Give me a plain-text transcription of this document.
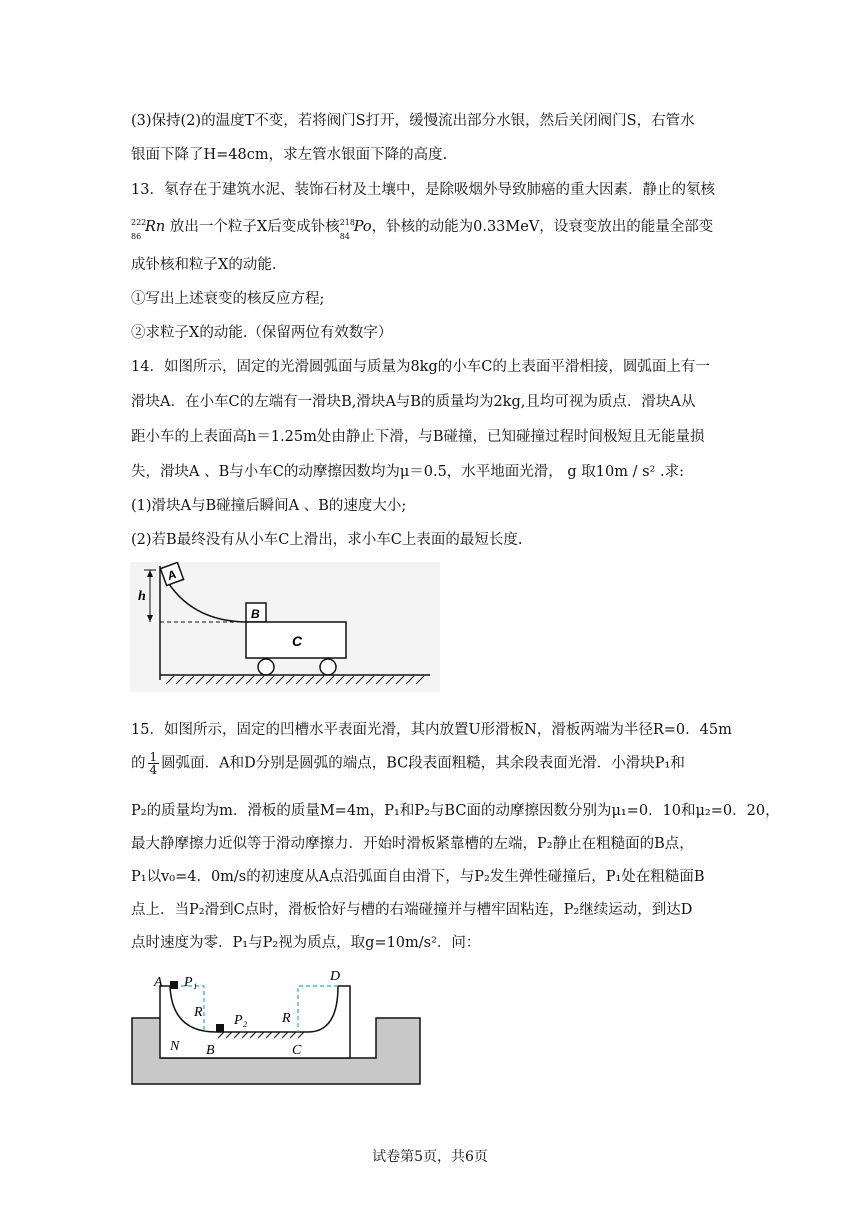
(3)保持(2)的温度T不变，若将阀门S打开，缓慢流出部分水银，然后关闭阀门S，右管水
银面下降了H=48cm，求左管水银面下降的高度.
13．氡存在于建筑水泥、装饰石材及土壤中，是除吸烟外导致肺癌的重大因素．静止的氡核
222
86
Rn 放出一个粒子X后变成钋核 218
84
Po，钋核的动能为0.33MeV，设衰变放出的能量全部变
成钋核和粒子X的动能.
①写出上述衰变的核反应方程;
②求粒子X的动能.（保留两位有效数字）
14．如图所示，固定的光滑圆弧面与质量为8kg的小车C的上表面平滑相接，圆弧面上有一
滑块A．在小车C的左端有一滑块B,滑块A与B的质量均为2kg,且均可视为质点．滑块A从
距小车的上表面高h＝1.25m处由静止下滑，与B碰撞，已知碰撞过程时间极短且无能量损
失，滑块A 、B与小车C的动摩擦因数均为μ＝0.5，水平地面光滑， g 取10m / s² .求:
(1)滑块A与B碰撞后瞬间A 、B的速度大小;
(2)若B最终没有从小车C上滑出，求小车C上表面的最短长度.
h
A
B
C
15．如图所示，固定的凹槽水平表面光滑，其内放置U形滑板N，滑板两端为半径R=0．45m
的 $\frac{1}{4}$ 圆弧面．A和D分别是圆弧的端点，BC段表面粗糙，其余段表面光滑．小滑块P₁和
P₂的质量均为m．滑板的质量M=4m，P₁和P₂与BC面的动摩擦因数分别为μ₁=0．10和μ₂=0．20，
最大静摩擦力近似等于滑动摩擦力．开始时滑板紧靠槽的左端，P₂静止在粗糙面的B点，
P₁以v₀=4．0m/s的初速度从A点沿弧面自由滑下，与P₂发生弹性碰撞后，P₁处在粗糙面B
点上．当P₂滑到C点时，滑板恰好与槽的右端碰撞并与槽牢固粘连，P₂继续运动，到达D
点时速度为零．P₁与P₂视为质点，取g=10m/s²．问：
A P₁
R
P₂ R
D
N B	C
试卷第5页，共6页
